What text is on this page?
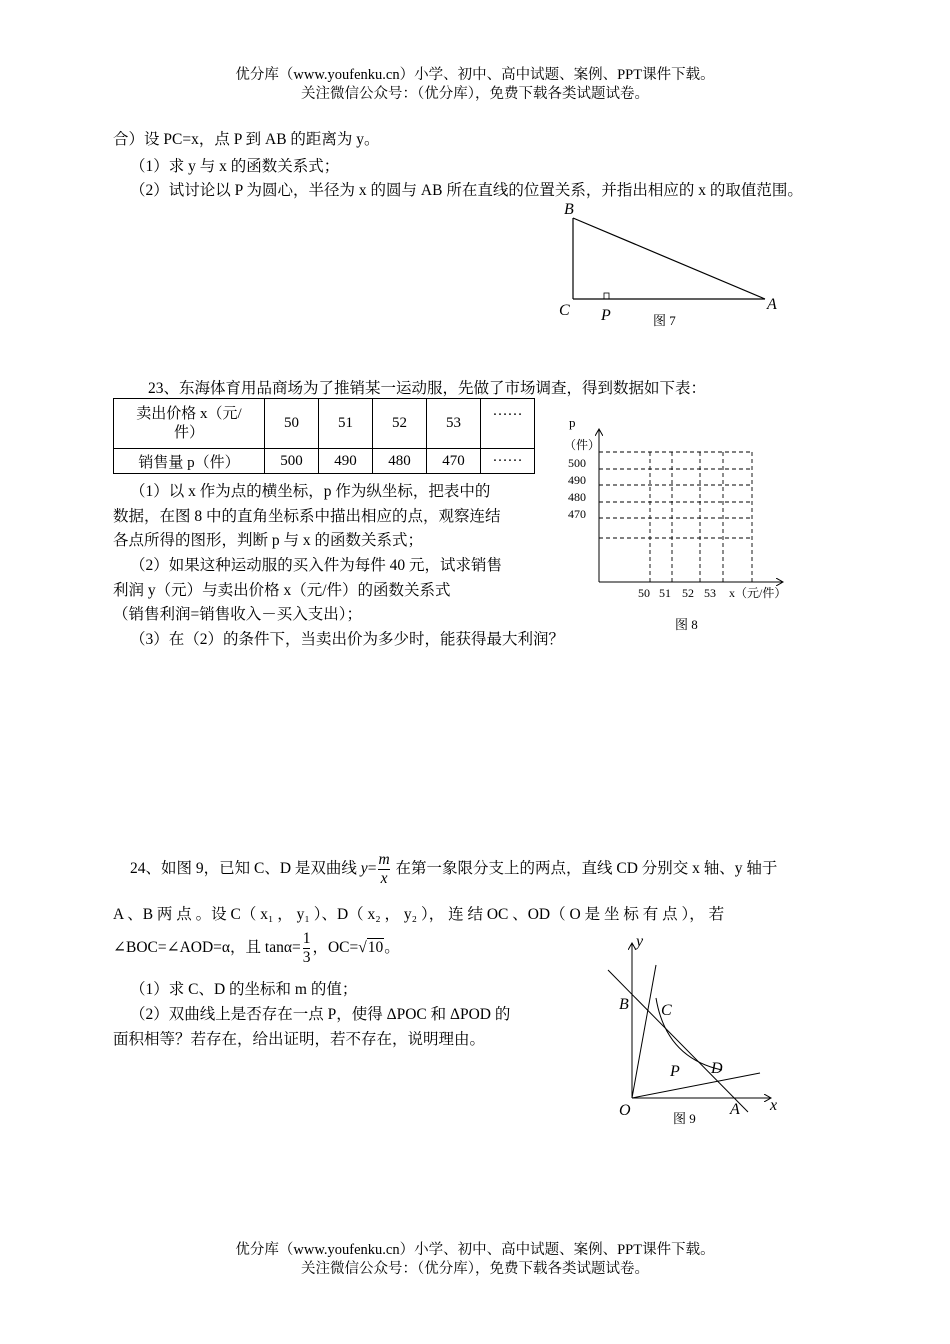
优分库（www.youfenku.cn）小学、初中、高中试题、案例、PPT课件下载。
关注微信公众号：（优分库），免费下载各类试题试卷。
合）设 PC=x，点 P 到 AB 的距离为 y。
（1）求 y 与 x 的函数关系式；
（2）试讨论以 P 为圆心，半径为 x 的圆与 AB 所在直线的位置关系，并指出相应的 x 的取值范围。
B
C P
A
图 7
23、东海体育用品商场为了推销某一运动服，先做了市场调查，得到数据如下表：
卖出价格 x（元/
件）	50	51	52	53	……
销售量 p（件）	500	490	480	470	……
（1）以 x 作为点的横坐标，p 作为纵坐标，把表中的
数据，在图 8 中的直角坐标系中描出相应的点，观察连结
各点所得的图形，判断 p 与 x 的函数关系式；
（2）如果这种运动服的买入件为每件 40 元，试求销售
利润 y（元）与卖出价格 x（元/件）的函数关系式
（销售利润=销售收入－买入支出）；
（3）在（2）的条件下，当卖出价为多少时，能获得最大利润？
p
（件）
500
490
480
470
50 51 52 53 x（元/件）
图 8
24、如图 9，已知 C、D 是双曲线 $y= \frac{m}{x}$ 在第一象限分支上的两点，直线 CD 分别交 x 轴、y 轴于
A 、B 两 点 。设 C（ x₁ ， y₁ ）、D（ x₂ ， y₂ ）， 连 结 OC 、OD（ O 是 坐 标 有 点 ）， 若
∠BOC=∠AOD=α，且 $\tan\alpha= \frac{1}{3}$ ，OC=√10。
（1）求 C、D 的坐标和 m 的值；
（2）双曲线上是否存在一点 P，使得 ΔPOC 和 ΔPOD 的
面积相等？若存在，给出证明，若不存在，说明理由。
y
x
B C
P D
O	A
图 9
优分库（www.youfenku.cn）小学、初中、高中试题、案例、PPT课件下载。
关注微信公众号：（优分库），免费下载各类试题试卷。
